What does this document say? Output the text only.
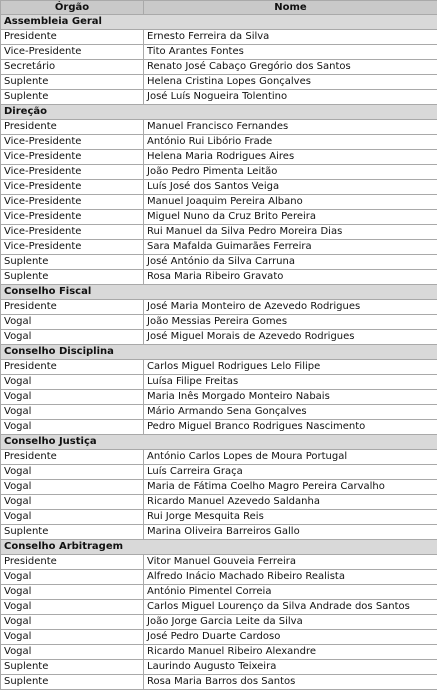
Órgão	Nome
Assembleia Geral	
Presidente	Ernesto Ferreira da Silva
Vice-Presidente	Tito Arantes Fontes
Secretário	Renato José Cabaço Gregório dos Santos
Suplente	Helena Cristina Lopes Gonçalves
Suplente	José Luís Nogueira Tolentino
Direção	
Presidente	Manuel Francisco Fernandes
Vice-Presidente	António Rui Libório Frade
Vice-Presidente	Helena Maria Rodrigues Aires
Vice-Presidente	João Pedro Pimenta Leitão
Vice-Presidente	Luís José dos Santos Veiga
Vice-Presidente	Manuel Joaquim Pereira Albano
Vice-Presidente	Miguel Nuno da Cruz Brito Pereira
Vice-Presidente	Rui Manuel da Silva Pedro Moreira Dias
Vice-Presidente	Sara Mafalda Guimarães Ferreira
Suplente	José António da Silva Carruna
Suplente	Rosa Maria Ribeiro Gravato
Conselho Fiscal	
Presidente	José Maria Monteiro de Azevedo Rodrigues
Vogal	João Messias Pereira Gomes
Vogal	José Miguel Morais de Azevedo Rodrigues
Conselho Disciplina	
Presidente	Carlos Miguel Rodrigues Lelo Filipe
Vogal	Luísa Filipe Freitas
Vogal	Maria Inês Morgado Monteiro Nabais
Vogal	Mário Armando Sena Gonçalves
Vogal	Pedro Miguel Branco Rodrigues Nascimento
Conselho Justiça	
Presidente	António Carlos Lopes de Moura Portugal
Vogal	Luís Carreira Graça
Vogal	Maria de Fátima Coelho Magro Pereira Carvalho
Vogal	Ricardo Manuel Azevedo Saldanha
Vogal	Rui Jorge Mesquita Reis
Suplente	Marina Oliveira Barreiros Gallo
Conselho Arbitragem	
Presidente	Vitor Manuel Gouveia Ferreira
Vogal	Alfredo Inácio Machado Ribeiro Realista
Vogal	António Pimentel Correia
Vogal	Carlos Miguel Lourenço da Silva Andrade dos Santos
Vogal	João Jorge Garcia Leite da Silva
Vogal	José Pedro Duarte Cardoso
Vogal	Ricardo Manuel Ribeiro Alexandre
Suplente	Laurindo Augusto Teixeira
Suplente	Rosa Maria Barros dos Santos
